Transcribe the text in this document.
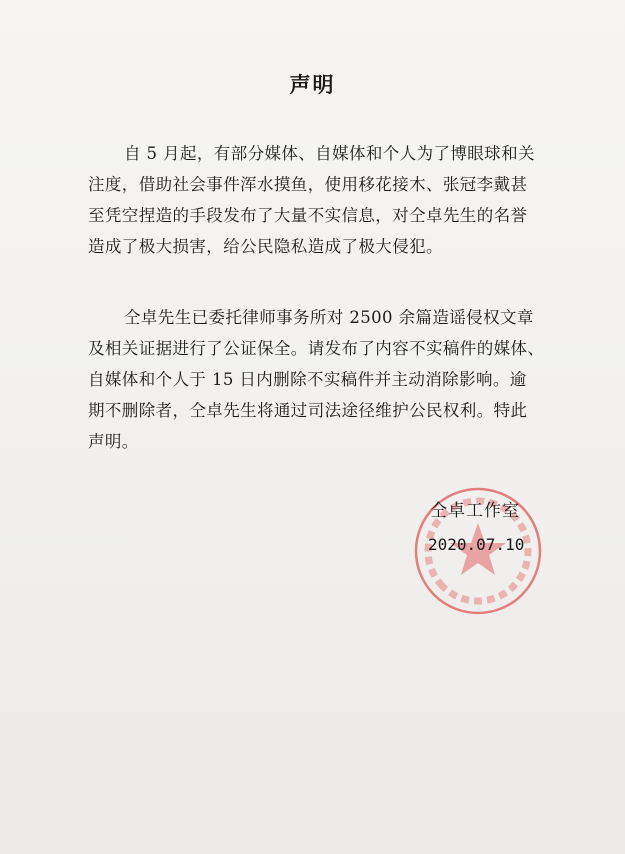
声明
自 5 月起，有部分媒体、自媒体和个人为了博眼球和关
注度，借助社会事件浑水摸鱼，使用移花接木、张冠李戴甚
至凭空捏造的手段发布了大量不实信息，对仝卓先生的名誉
造成了极大损害，给公民隐私造成了极大侵犯。
仝卓先生已委托律师事务所对 2500 余篇造谣侵权文章
及相关证据进行了公证保全。请发布了内容不实稿件的媒体、
自媒体和个人于 15 日内删除不实稿件并主动消除影响。逾
期不删除者，仝卓先生将通过司法途径维护公民权利。特此
声明。
仝卓工作室
2020.07.10
